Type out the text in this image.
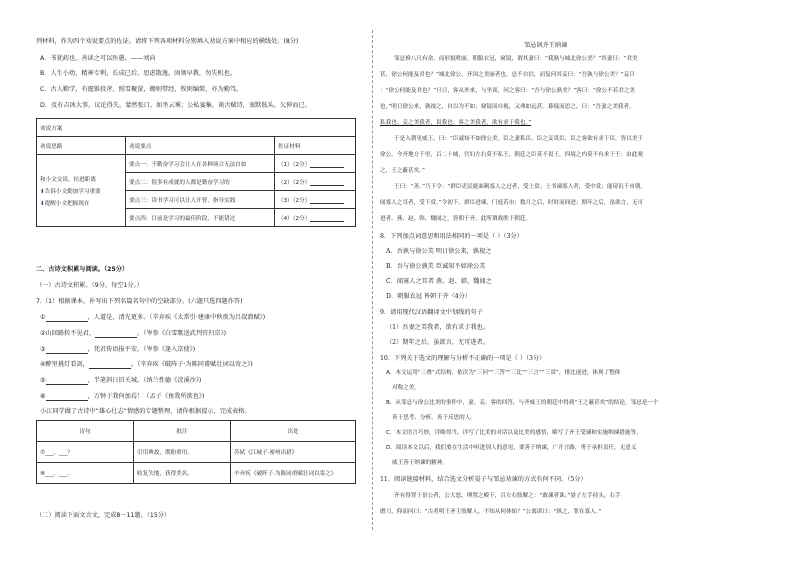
列材料，作为四个劝说要点的佐证。请将下列各项材料分别填入劝说方案中相应的横线处。(8分)
A．书犹药也，善读之可以医愚。——刘向
B．人生小幼，精神专利，长成已后，思虑散逸，固须早教，勿失机也。
C．古人勤学，有握锥投斧，照雪聚萤，锄则带经，牧则编简，亦为勤笃。
D．及有吉凶大事，议论得失，蒙然张口，如坐云雾；公私宴集，谈古赋诗，塞默低头，欠伸而已。
劝说方案		
劝说思路	劝说要点	佐证材料

和小文交谈，拉进距离
⬇告诉小文勤加学习重要
⬇提醒小文把握现在	要点一：不勤奋学习会让人在各种场合无法自如	（1）（2分）
	要点二：很多有成就的人都是勤奋学习的	（2）（2分）
	要点三：读书学习可以让人开智，指导实践	（3）（2分）
	要点四：目前是学习的最佳阶段，不能错过	（4）（2分）
二、古诗文积累与阅读。（25分）
（一）古诗文积累。（9分，每空1分。）
7.（1）根据课本，补写出下列名篇名句中的空缺部分。(六题只选四题作答)
①	，人道是，清光更多。（辛弃疾《太常引·建康中秋夜为吕叔潜赋》)
②山回路转不见君，	。（岑参《白雪歌送武判官归京》)
③	，凭君传语报平安。（岑参《逢入京使》)
④醉里挑灯看剑，	。（辛弃疾《破阵子·为陈同甫赋壮词以寄之》)
⑤	，半笔斜日旧关城。（纳兰性德《浣溪沙》)
⑥	，万钟于我何加焉！（孟子《鱼我所欲也》)
小江同学做了古诗中“雄心壮志”情感的专题整理，请你根据提示，完成表格。
诗句	批注	出处
⑦___，___？	引用典故，期盼重用。	苏轼《江城子·密州出猎》
⑧___，___。	收复失地，获得美名。	辛弃疾《破阵子·为陈同甫赋壮词以寄之》
（二）阅读下面文言文，完成8－11题。（15分）
邹忌讽齐王纳谏
邹忌修八尺有余，而形貌昳丽。朝服衣冠，窥镜，谓其妻曰：“我孰与城北徐公美？”其妻曰：“君美
甚，徐公何能及君也？”城北徐公，齐国之美丽者也。忌不自信，而复问其妾曰：“吾孰与徐公美？”妾曰
：“徐公何能及君也？”旦日，客从外来，与坐谈，问之客曰：“吾与徐公孰美？”客曰：“徐公不若君之美
也。”明日徐公来，孰视之，自以为不如；窥镜而自视，又弗如远甚。暮寝而思之，曰：“吾妻之美我者，
私我也；妾之美我者，畏我也；客之美我者，欲有求于我也。”
于是入朝见威王，曰：“臣诚知不如徐公美。臣之妻私臣，臣之妾畏臣，臣之客欲有求于臣，皆以美于
徐公。今齐地方千里，百二十城，宫妇左右莫不私王，朝廷之臣莫不畏王，四境之内莫不有求于王：由此观
之，王之蔽甚矣。”
王曰：“善。”乃下令：“群臣吏民能面刺寡人之过者，受上赏；上书谏寡人者，受中赏；能谤讥于市朝，
闻寡人之耳者，受下赏。”令初下，群臣进谏，门庭若市；数月之后，时时而间进；期年之后，虽欲言，无可
进者。燕、赵、韩、魏闻之，皆朝于齐。此所谓战胜于朝廷。
8．下列加点词意思和用法相同的一项是（ ）（3分）
A．吾孰与徐公美 明日徐公来，孰视之
B．吾与徐公孰美 臣诚知不如徐公美
C．闻寡人之耳者 燕、赵、韩、魏闻之
D．朝服衣冠 皆朝于齐（4分）
9．请用现代汉语翻译文中划线的句子
（1）吾妻之美我者，欲有求于我也。
（2）期年之后，虽欲言，无可进者。
10．下列关于选文的理解与分析不正确的一项是（ ）（3分）
A．本文运用“三叠”式结构，依次为“三问”“三答”“三比”“三言”“三赏”，排比递进，体现了整体
对称之美。
B．从邹忌与徐公比美的事件中，妻、妾、客的回答，与齐威王的朝廷中得到“王之蔽甚矣”的结论，邹忌是一个
善于思考、分析，善于反思的人。
C．本文语言巧妙，详略得当，详写了比美的对话以及比美的感悟，略写了齐王受谏和实施纳谏措施等。
D．阅读本文以后，我们要在生活中听进别人的意见，要善于纳谏，广开言路，勇于承担责任，无意义
威王善于纳谏的精神。
11．阅读链接材料，结合选文分析晏子与邹忌劝谏的方式有何不同。（5分）
齐有得罪于景公者，公大怒，缚置之殿下，召左右肢解之：“敢谏者诛。”晏子左手持头，右手
磨刀，仰而问曰：“古者明王圣主肢解人，不知从何体始？”公离席曰：“纵之，罪在寡人。”
